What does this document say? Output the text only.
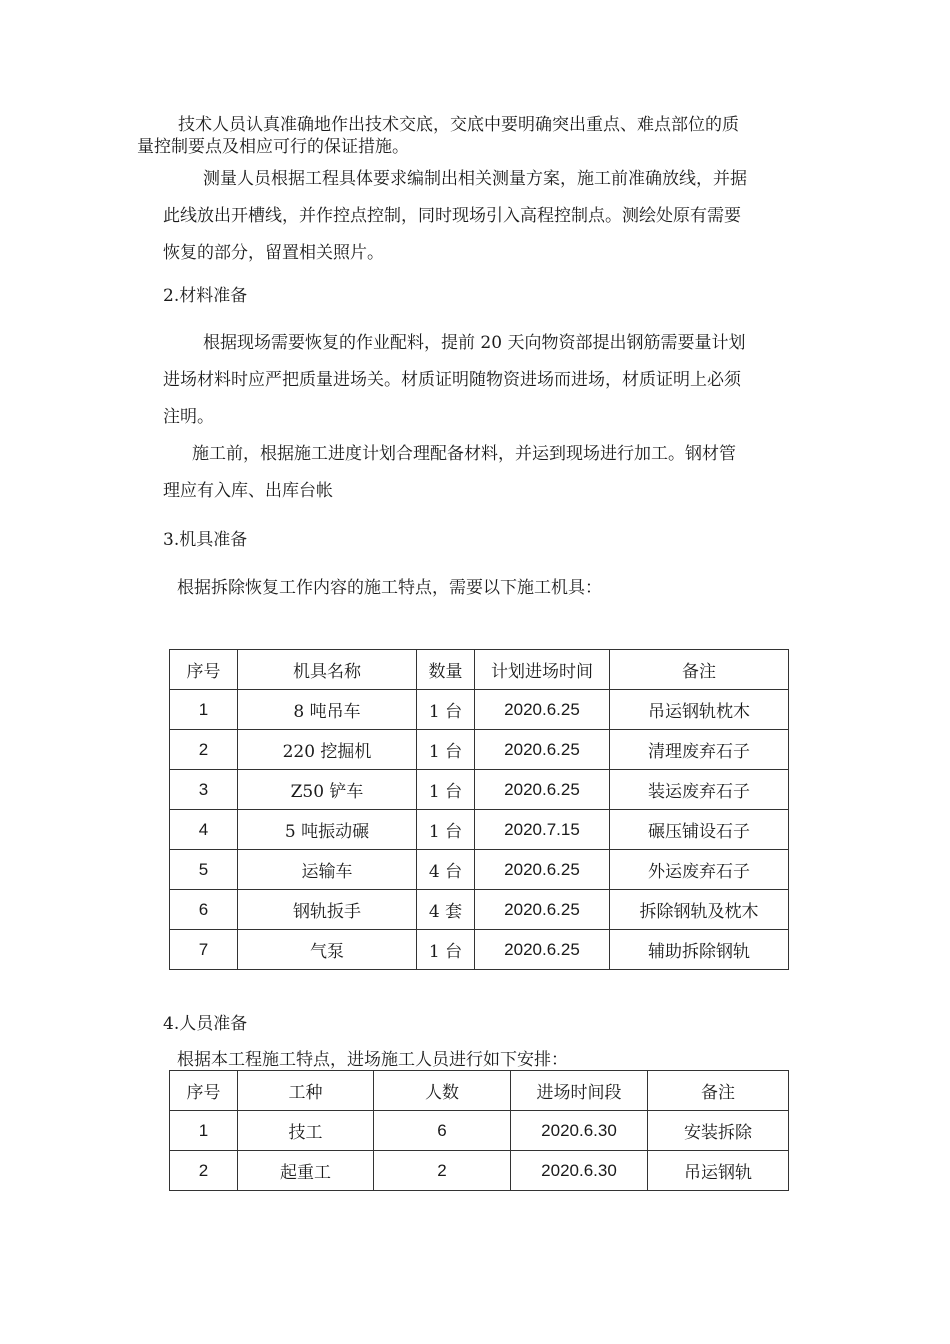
技术人员认真准确地作出技术交底，交底中要明确突出重点、难点部位的质

量控制要点及相应可行的保证措施。

测量人员根据工程具体要求编制出相关测量方案，施工前准确放线，并据

此线放出开槽线，并作控点控制，同时现场引入高程控制点。测绘处原有需要

恢复的部分，留置相关照片。

2.材料准备

根据现场需要恢复的作业配料，提前 20 天向物资部提出钢筋需要量计划

进场材料时应严把质量进场关。材质证明随物资进场而进场，材质证明上必须

注明。

施工前，根据施工进度计划合理配备材料，并运到现场进行加工。钢材管

理应有入库、出库台帐

3.机具准备

根据拆除恢复工作内容的施工特点，需要以下施工机具：

序号	机具名称	数量	计划进场时间	备注
1	8 吨吊车	1 台	2020.6.25	吊运钢轨枕木
2	220 挖掘机	1 台	2020.6.25	清理废弃石子
3	Z50 铲车	1 台	2020.6.25	装运废弃石子
4	5 吨振动碾	1 台	2020.7.15	碾压铺设石子
5	运输车	4 台	2020.6.25	外运废弃石子
6	钢轨扳手	4 套	2020.6.25	拆除钢轨及枕木
7	气泵	1 台	2020.6.25	辅助拆除钢轨

4.人员准备

根据本工程施工特点，进场施工人员进行如下安排：

序号	工种	人数	进场时间段	备注
1	技工	6	2020.6.30	安装拆除
2	起重工	2	2020.6.30	吊运钢轨
